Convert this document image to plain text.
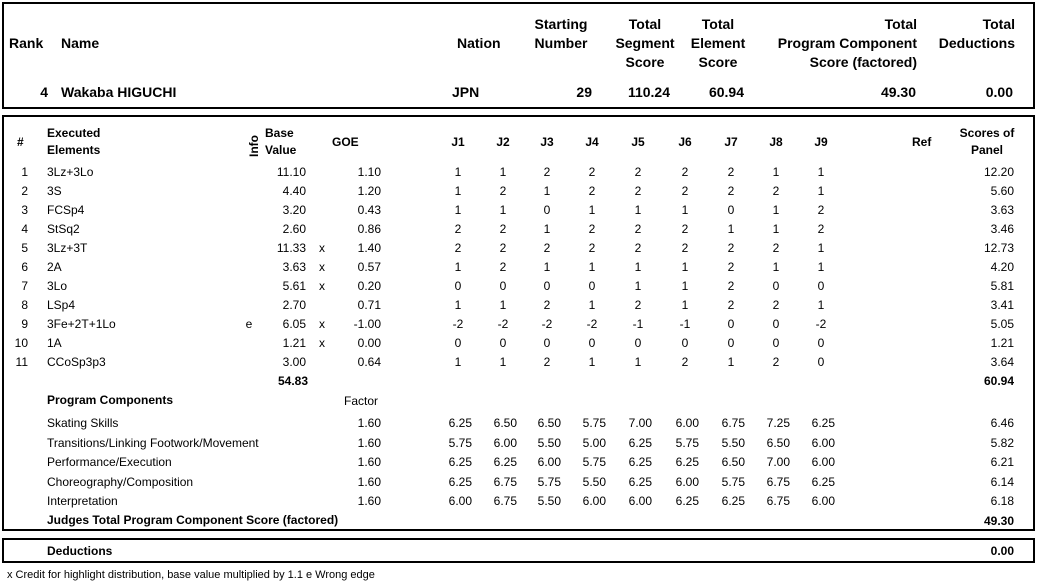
Rank Name	Nation
Starting
Number
Total
Segment
Score
Total
Element
Score
Total
Program Component
Score (factored)
Total
Deductions
4 Wakaba HIGUCHI	JPN	29	110.24	60.94	49.30	0.00
#
Executed
Elements	Info
Base
Value
GOE	J1	J2	J3	J4	J5	J6	J7	J8	J9	Ref
Scores of
Panel
1 3Lz+3Lo	11.10	1.10	1	1	2	2	2	2	2	1	1	12.20
2 3S	4.40	1.20	1	2	1	2	2	2	2	2	1	5.60
3 FCSp4	3.20	0.43	1	1	0	1	1	1	0	1	2	3.63
4 StSq2	2.60	0.86	2	2	1	2	2	2	1	1	2	3.46
5 3Lz+3T	11.33 x	1.40	2	2	2	2	2	2	2	2	1	12.73
6 2A	3.63 x	0.57	1	2	1	1	1	1	2	1	1	4.20
7 3Lo	5.61 x	0.20	0	0	0	0	1	1	2	0	0	5.81
8 LSp4	2.70	0.71	1	1	2	1	2	1	2	2	1	3.41
9 3Fe+2T+1Lo	e	6.05 x	-1.00	-2	-2	-2	-2	-1	-1	0	0	-2	5.05
10 1A	1.21 x	0.00	0	0	0	0	0	0	0	0	0	1.21
11 CCoSp3p3	3.00	0.64	1	1	2	1	1	2	1	2	0	3.64
54.83	60.94
Program Components	Factor
Skating Skills	1.60	6.25	6.50	6.50	5.75	7.00	6.00	6.75	7.25	6.25	6.46
Transitions/Linking Footwork/Movement	1.60	5.75	6.00	5.50	5.00	6.25	5.75	5.50	6.50	6.00	5.82
Performance/Execution	1.60	6.25	6.25	6.00	5.75	6.25	6.25	6.50	7.00	6.00	6.21
Choreography/Composition	1.60	6.25	6.75	5.75	5.50	6.25	6.00	5.75	6.75	6.25	6.14
Interpretation	1.60	6.00	6.75	5.50	6.00	6.00	6.25	6.25	6.75	6.00	6.18
Judges Total Program Component Score (factored)	49.30
Deductions	0.00
x Credit for highlight distribution, base value multiplied by 1.1 e Wrong edge
